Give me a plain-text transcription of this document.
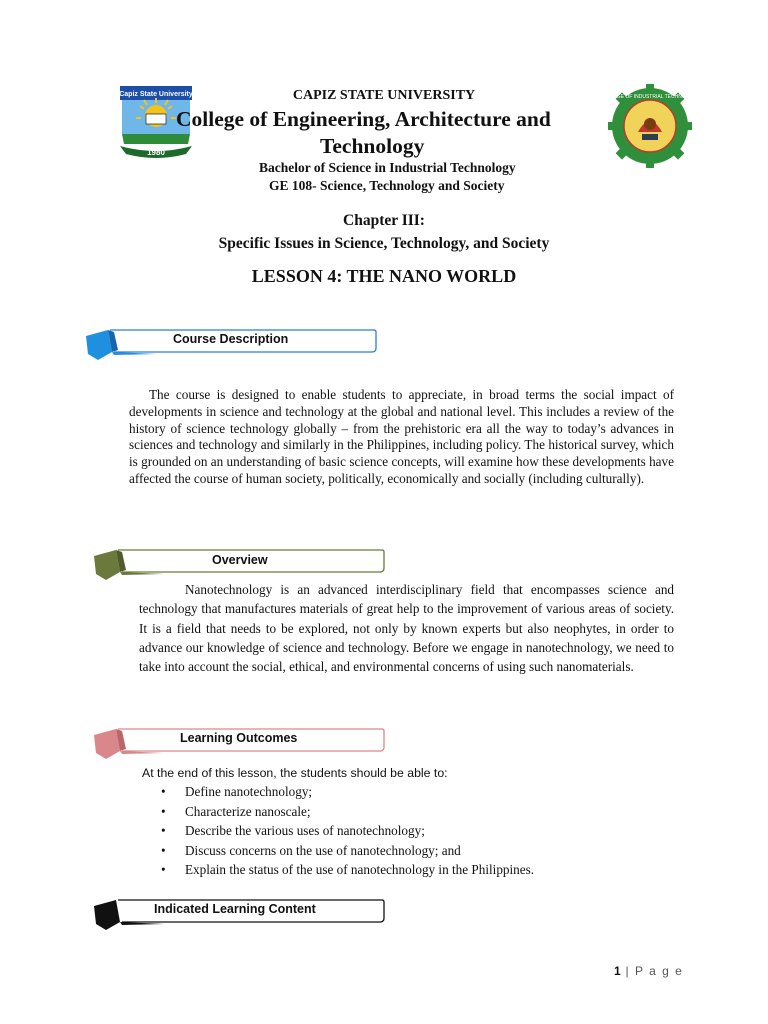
Capiz State University
1980
COLLEGE OF INDUSTRIAL TECHNOLOGY
CAPIZ STATE UNIVERSITY
College of Engineering, Architecture and
Technology
Bachelor of Science in Industrial Technology
GE 108- Science, Technology and Society
Chapter III:
Specific Issues in Science, Technology, and Society
LESSON 4: THE NANO WORLD
Course Description
The course is designed to enable students to appreciate, in broad terms the social impact of developments in science and technology at the global and national level. This includes a review of the history of science technology globally – from the prehistoric era all the way to today’s advances in sciences and technology and similarly in the Philippines, including policy. The historical survey, which is grounded on an understanding of basic science concepts, will examine how these developments have affected the course of human society, politically, economically and socially (including culturally).
Overview
Nanotechnology is an advanced interdisciplinary field that encompasses science and technology that manufactures materials of great help to the improvement of various areas of society. It is a field that needs to be explored, not only by known experts but also neophytes, in order to advance our knowledge of science and technology. Before we engage in nanotechnology, we need to take into account the social, ethical, and environmental concerns of using such nanomaterials.
Learning Outcomes
At the end of this lesson, the students should be able to:
• Define nanotechnology;
• Characterize nanoscale;
• Describe the various uses of nanotechnology;
• Discuss concerns on the use of nanotechnology; and
• Explain the status of the use of nanotechnology in the Philippines.
Indicated Learning Content
1 | P a g e
